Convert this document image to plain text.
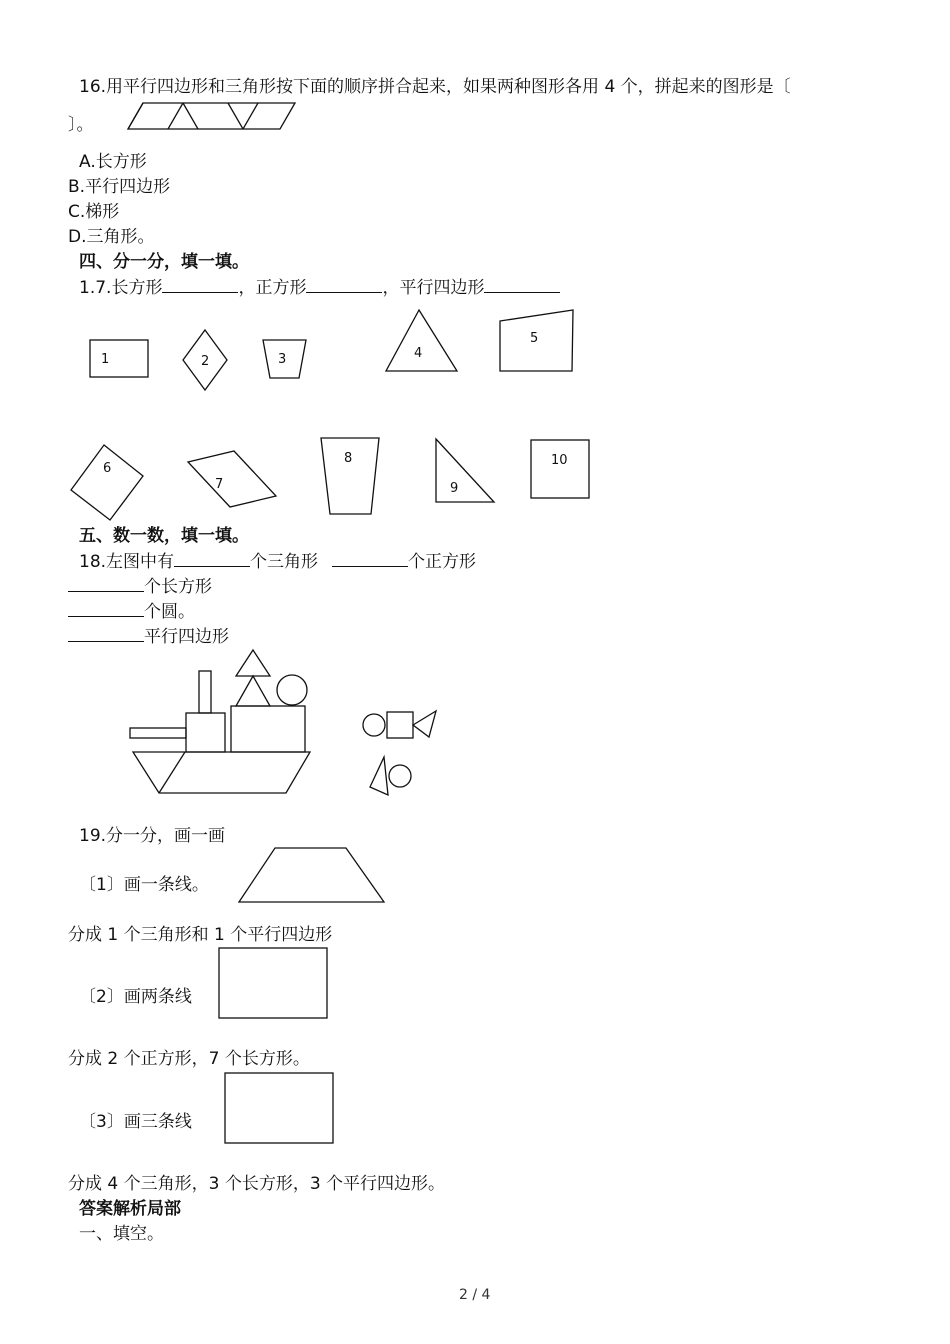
16.用平行四边形和三角形按下面的顺序拼合起来，如果两种图形各用 4 个，拼起来的图形是〔
〕。
A.长方形
B.平行四边形
C.梯形
D.三角形。
四、分一分，填一填。
1.7.长方形	，正方形	，平行四边形
1	2	3	4
5
6
7
8
9
10
五、数一数，填一填。
18.左图中有	个三角形	个正方形
个长方形
个圆。
平行四边形
19.分一分，画一画
〔1〕画一条线。
分成 1 个三角形和 1 个平行四边形
〔2〕画两条线
分成 2 个正方形，7 个长方形。
〔3〕画三条线
分成 4 个三角形，3 个长方形，3 个平行四边形。
答案解析局部
一、填空。
2 / 4
